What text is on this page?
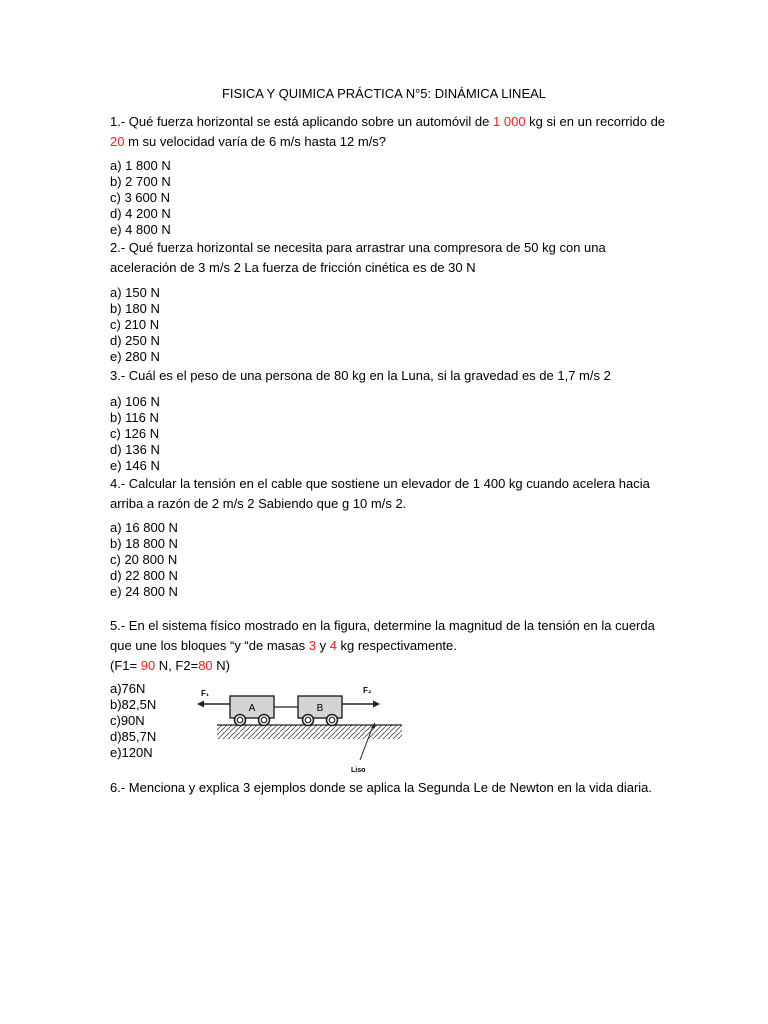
FISICA Y QUIMICA PRÁCTICA N°5: DINÁMICA LINEAL
1.- Qué fuerza horizontal se está aplicando sobre un automóvil de 1 000 kg si en un recorrido de 20 m su velocidad varía de 6 m/s hasta 12 m/s?
a) 1 800 N
b) 2 700 N
c) 3 600 N
d) 4 200 N
e) 4 800 N
2.- Qué fuerza horizontal se necesita para arrastrar una compresora de 50 kg con una aceleración de 3 m/s 2 La fuerza de fricción cinética es de 30 N
a) 150 N
b) 180 N
c) 210 N
d) 250 N
e) 280 N
3.- Cuál es el peso de una persona de 80 kg en la Luna, si la gravedad es de 1,7 m/s 2
a) 106 N
b) 116 N
c) 126 N
d) 136 N
e) 146 N
4.- Calcular la tensión en el cable que sostiene un elevador de 1 400 kg cuando acelera hacia arriba a razón de 2 m/s 2 Sabiendo que g 10 m/s 2.
a) 16 800 N
b) 18 800 N
c) 20 800 N
d) 22 800 N
e) 24 800 N
5.- En el sistema físico mostrado en la figura, determine la magnitud de la tensión en la cuerda que une los bloques “y “de masas 3 y 4 kg respectivamente.
(F1= 90 N, F2=80 N)
a)76N
b)82,5N
c)90N
d)85,7N
e)120N
A	B
F₁	F₂
Liso
6.- Menciona y explica 3 ejemplos donde se aplica la Segunda Le de Newton en la vida diaria.
